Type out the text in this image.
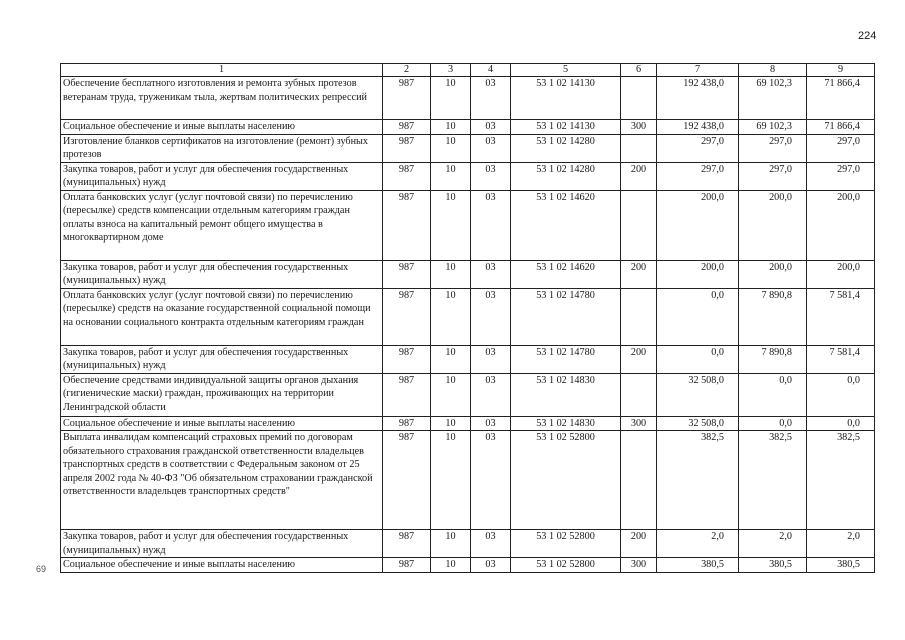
224
1	2	3	4	5	6	7	8	9
Обеспечение бесплатного изготовления и ремонта зубных протезов ветеранам труда, труженикам тыла, жертвам политических репрессий	987	10	03	53 1 02 14130		192 438,0	69 102,3	71 866,4
Социальное обеспечение и иные выплаты населению	987	10	03	53 1 02 14130	300	192 438,0	69 102,3	71 866,4
Изготовление бланков сертификатов на изготовление (ремонт) зубных протезов	987	10	03	53 1 02 14280		297,0	297,0	297,0
Закупка товаров, работ и услуг для обеспечения государственных (муниципальных) нужд	987	10	03	53 1 02 14280	200	297,0	297,0	297,0
Оплата банковских услуг (услуг почтовой связи) по перечислению (пересылке) средств компенсации отдельным категориям граждан оплаты взноса на капитальный ремонт общего имущества в многоквартирном доме	987	10	03	53 1 02 14620		200,0	200,0	200,0
Закупка товаров, работ и услуг для обеспечения государственных (муниципальных) нужд	987	10	03	53 1 02 14620	200	200,0	200,0	200,0
Оплата банковских услуг (услуг почтовой связи) по перечислению (пересылке) средств на оказание государственной социальной помощи на основании социального контракта отдельным категориям граждан	987	10	03	53 1 02 14780		0,0	7 890,8	7 581,4
Закупка товаров, работ и услуг для обеспечения государственных (муниципальных) нужд	987	10	03	53 1 02 14780	200	0,0	7 890,8	7 581,4
Обеспечение средствами индивидуальной защиты органов дыхания (гигиенические маски) граждан, проживающих на территории Ленинградской области	987	10	03	53 1 02 14830		32 508,0	0,0	0,0
Социальное обеспечение и иные выплаты населению	987	10	03	53 1 02 14830	300	32 508,0	0,0	0,0
Выплата инвалидам компенсаций страховых премий по договорам обязательного страхования гражданской ответственности владельцев транспортных средств в соответствии с Федеральным законом от 25 апреля 2002 года № 40-ФЗ "Об обязательном страховании гражданской ответственности владельцев транспортных средств"	987	10	03	53 1 02 52800		382,5	382,5	382,5
Закупка товаров, работ и услуг для обеспечения государственных (муниципальных) нужд	987	10	03	53 1 02 52800	200	2,0	2,0	2,0
Социальное обеспечение и иные выплаты населению	987	10	03	53 1 02 52800	300	380,5	380,5	380,5
69
